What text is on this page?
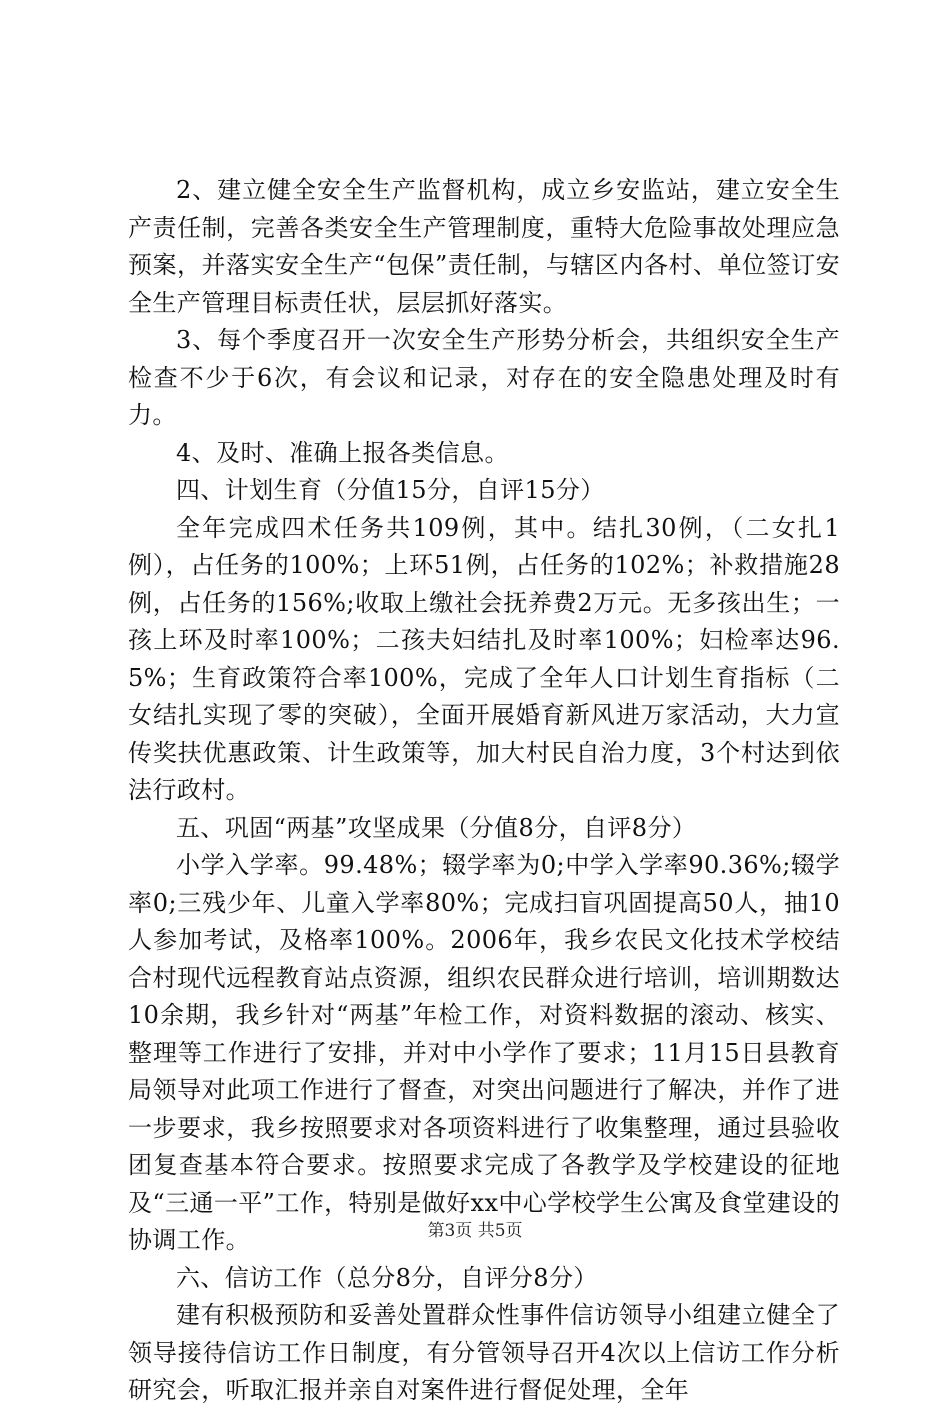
2、建立健全安全生产监督机构，成立乡安监站，建立安全生产责任制，完善各类安全生产管理制度，重特大危险事故处理应急预案，并落实安全生产“包保”责任制，与辖区内各村、单位签订安全生产管理目标责任状，层层抓好落实。

3、每个季度召开一次安全生产形势分析会，共组织安全生产检查不少于6次，有会议和记录，对存在的安全隐患处理及时有力。

4、及时、准确上报各类信息。

四、计划生育（分值15分，自评15分）

全年完成四术任务共109例，其中。结扎30例，（二女扎1例），占任务的100%；上环51例，占任务的102%；补救措施28例，占任务的156%;收取上缴社会抚养费2万元。无多孩出生；一孩上环及时率100%；二孩夫妇结扎及时率100%；妇检率达96.5%；生育政策符合率100%，完成了全年人口计划生育指标（二女结扎实现了零的突破），全面开展婚育新风进万家活动，大力宣传奖扶优惠政策、计生政策等，加大村民自治力度，3个村达到依法行政村。

五、巩固“两基”攻坚成果（分值8分，自评8分）

小学入学率。99.48%；辍学率为0;中学入学率90.36%;辍学率0;三残少年、儿童入学率80%；完成扫盲巩固提高50人，抽10人参加考试，及格率100%。2006年，我乡农民文化技术学校结合村现代远程教育站点资源，组织农民群众进行培训，培训期数达10余期，我乡针对“两基”年检工作，对资料数据的滚动、核实、整理等工作进行了安排，并对中小学作了要求；11月15日县教育局领导对此项工作进行了督查，对突出问题进行了解决，并作了进一步要求，我乡按照要求对各项资料进行了收集整理，通过县验收团复查基本符合要求。按照要求完成了各教学及学校建设的征地及“三通一平”工作，特别是做好xx中心学校学生公寓及食堂建设的协调工作。

六、信访工作（总分8分，自评分8分）

建有积极预防和妥善处置群众性事件信访领导小组建立健全了领导接待信访工作日制度，有分管领导召开4次以上信访工作分析研究会，听取汇报并亲自对案件进行督促处理，全年

第3页 共5页
